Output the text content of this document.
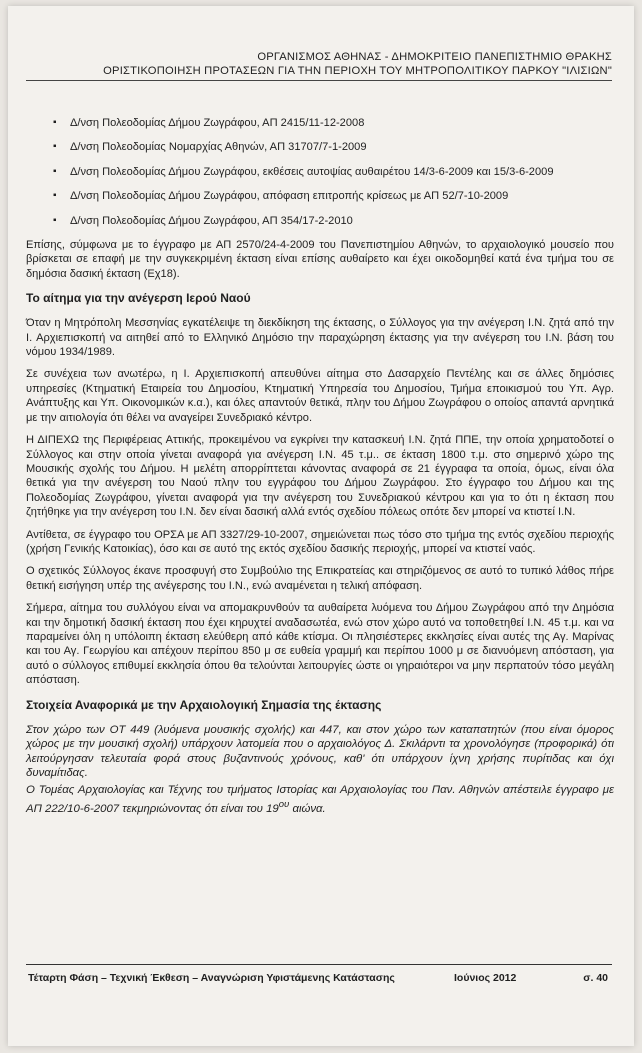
ΟΡΓΑΝΙΣΜΟΣ ΑΘΗΝΑΣ - ΔΗΜΟΚΡΙΤΕΙΟ ΠΑΝΕΠΙΣΤΗΜΙΟ ΘΡΑΚΗΣ
ΟΡΙΣΤΙΚΟΠΟΙΗΣΗ ΠΡΟΤΑΣΕΩΝ ΓΙΑ ΤΗΝ ΠΕΡΙΟΧΗ ΤΟΥ ΜΗΤΡΟΠΟΛΙΤΙΚΟΥ ΠΑΡΚΟΥ "ΙΛΙΣΙΩΝ"
▪ Δ/νση Πολεοδομίας Δήμου Ζωγράφου, ΑΠ 2415/11-12-2008
▪ Δ/νση Πολεοδομίας Νομαρχίας Αθηνών, ΑΠ 31707/7-1-2009
▪ Δ/νση Πολεοδομίας Δήμου Ζωγράφου, εκθέσεις αυτοψίας αυθαιρέτου 14/3-6-2009 και 15/3-6-2009
▪ Δ/νση Πολεοδομίας Δήμου Ζωγράφου, απόφαση επιτροπής κρίσεως με ΑΠ 52/7-10-2009
▪ Δ/νση Πολεοδομίας Δήμου Ζωγράφου, ΑΠ 354/17-2-2010

Επίσης, σύμφωνα με το έγγραφο με ΑΠ 2570/24-4-2009 του Πανεπιστημίου Αθηνών, το αρχαιολογικό μουσείο που βρίσκεται σε επαφή με την συγκεκριμένη έκταση είναι επίσης αυθαίρετο και έχει οικοδομηθεί κατά ένα τμήμα του σε δημόσια δασική έκταση (Εχ18).

Το αίτημα για την ανέγερση Ιερού Ναού

Όταν η Μητρόπολη Μεσσηνίας εγκατέλειψε τη διεκδίκηση της έκτασης, ο Σύλλογος για την ανέγερση Ι.Ν. ζητά από την Ι. Αρχιεπισκοπή να αιτηθεί από το Ελληνικό Δημόσιο την παραχώρηση έκτασης για την ανέγερση του Ι.Ν. βάση του νόμου 1934/1989.

Σε συνέχεια των ανωτέρω, η Ι. Αρχιεπισκοπή απευθύνει αίτημα στο Δασαρχείο Πεντέλης και σε άλλες δημόσιες υπηρεσίες (Κτηματική Εταιρεία του Δημοσίου, Κτηματική Υπηρεσία του Δημοσίου, Τμήμα εποικισμού του Υπ. Αγρ. Ανάπτυξης και Υπ. Οικονομικών κ.α.), και όλες απαντούν θετικά, πλην του Δήμου Ζωγράφου ο οποίος απαντά αρνητικά με την αιτιολογία ότι θέλει να αναγείρει Συνεδριακό κέντρο.

Η ΔΙΠΕΧΩ της Περιφέρειας Αττικής, προκειμένου να εγκρίνει την κατασκευή Ι.Ν. ζητά ΠΠΕ, την οποία χρηματοδοτεί ο Σύλλογος και στην οποία γίνεται αναφορά για ανέγερση Ι.Ν. 45 τ.μ.. σε έκταση 1800 τ.μ. στο σημερινό χώρο της Μουσικής σχολής του Δήμου. Η μελέτη απορρίπτεται κάνοντας αναφορά σε 21 έγγραφα τα οποία, όμως, είναι όλα θετικά για την ανέγερση του Ναού πλην του εγγράφου του Δήμου Ζωγράφου. Στο έγγραφο του Δήμου και της Πολεοδομίας Ζωγράφου, γίνεται αναφορά για την ανέγερση του Συνεδριακού κέντρου και για το ότι η έκταση που ζητήθηκε για την ανέγερση του Ι.Ν. δεν είναι δασική αλλά εντός σχεδίου πόλεως οπότε δεν μπορεί να κτιστεί Ι.Ν.

Αντίθετα, σε έγγραφο του ΟΡΣΑ με ΑΠ 3327/29-10-2007, σημειώνεται πως τόσο στο τμήμα της εντός σχεδίου περιοχής (χρήση Γενικής Κατοικίας), όσο και σε αυτό της εκτός σχεδίου δασικής περιοχής, μπορεί να κτιστεί ναός.

Ο σχετικός Σύλλογος έκανε προσφυγή στο Συμβούλιο της Επικρατείας και στηριζόμενος σε αυτό το τυπικό λάθος πήρε θετική εισήγηση υπέρ της ανέγερσης του Ι.Ν., ενώ αναμένεται η τελική απόφαση.

Σήμερα, αίτημα του συλλόγου είναι να απομακρυνθούν τα αυθαίρετα λυόμενα του Δήμου Ζωγράφου από την Δημόσια και την δημοτική δασική έκταση που έχει κηρυχτεί αναδασωτέα, ενώ στον χώρο αυτό να τοποθετηθεί Ι.Ν. 45 τ.μ. και να παραμείνει όλη η υπόλοιπη έκταση ελεύθερη από κάθε κτίσμα. Οι πλησιέστερες εκκλησίες είναι αυτές της Αγ. Μαρίνας και του Αγ. Γεωργίου και απέχουν περίπου 850 μ σε ευθεία γραμμή και περίπου 1000 μ σε διανυόμενη απόσταση, για αυτό ο σύλλογος επιθυμεί εκκλησία όπου θα τελούνται λειτουργίες ώστε οι γηραιότεροι να μην περπατούν τόσο μεγάλη απόσταση.

Στοιχεία Αναφορικά με την Αρχαιολογική Σημασία της έκτασης

Στον χώρο των ΟΤ 449 (λυόμενα μουσικής σχολής) και 447, και στον χώρο των καταπατητών (που είναι όμορος χώρος με την μουσική σχολή) υπάρχουν λατομεία που ο αρχαιολόγος Δ. Σκιλάρντι τα χρονολόγησε (προφορικά) ότι λειτούργησαν τελευταία φορά στους βυζαντινούς χρόνους, καθ' ότι υπάρχουν ίχνη χρήσης πυρίτιδας και όχι δυναμίτιδας.

Ο Τομέας Αρχαιολογίας και Τέχνης του τμήματος Ιστορίας και Αρχαιολογίας του Παν. Αθηνών απέστειλε έγγραφο με ΑΠ 222/10-6-2007 τεκμηριώνοντας ότι είναι του $19^{o\upsilon}$ αιώνα.

Τέταρτη Φάση – Τεχνική Έκθεση – Αναγνώριση Υφιστάμενης Κατάστασης	Ιούνιος 2012	σ. 40
